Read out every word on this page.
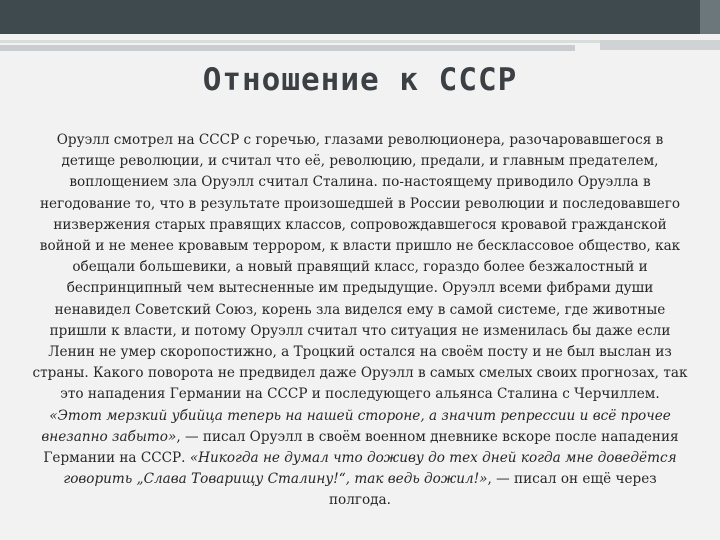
Отношение к СССР
Оруэлл смотрел на СССР с горечью, глазами революционера, разочаровавшегося в детище революции, и считал что её, революцию, предали, и главным предателем, воплощением зла Оруэлл считал Сталина. по-настоящему приводило Оруэлла в негодование то, что в результате произошедшей в России революции и последовавшего низвержения старых правящих классов, сопровождавшегося кровавой гражданской войной и не менее кровавым террором, к власти пришло не бесклассовое общество, как обещали большевики, а новый правящий класс, гораздо более безжалостный и беспринципный чем вытесненные им предыдущие. Оруэлл всеми фибрами души ненавидел Советский Союз, корень зла виделся ему в самой системе, где животные пришли к власти, и потому Оруэлл считал что ситуация не изменилась бы даже если Ленин не умер скоропостижно, а Троцкий остался на своём посту и не был выслан из страны. Какого поворота не предвидел даже Оруэлл в самых смелых своих прогнозах, так это нападения Германии на СССР и последующего альянса Сталина с Черчиллем. «Этот мерзкий убийца теперь на нашей стороне, а значит репрессии и всё прочее внезапно забыто», — писал Оруэлл в своём военном дневнике вскоре после нападения Германии на СССР. «Никогда не думал что доживу до тех дней когда мне доведётся говорить „Слава Товарищу Сталину!“, так ведь дожил!», — писал он ещё через полгода.
